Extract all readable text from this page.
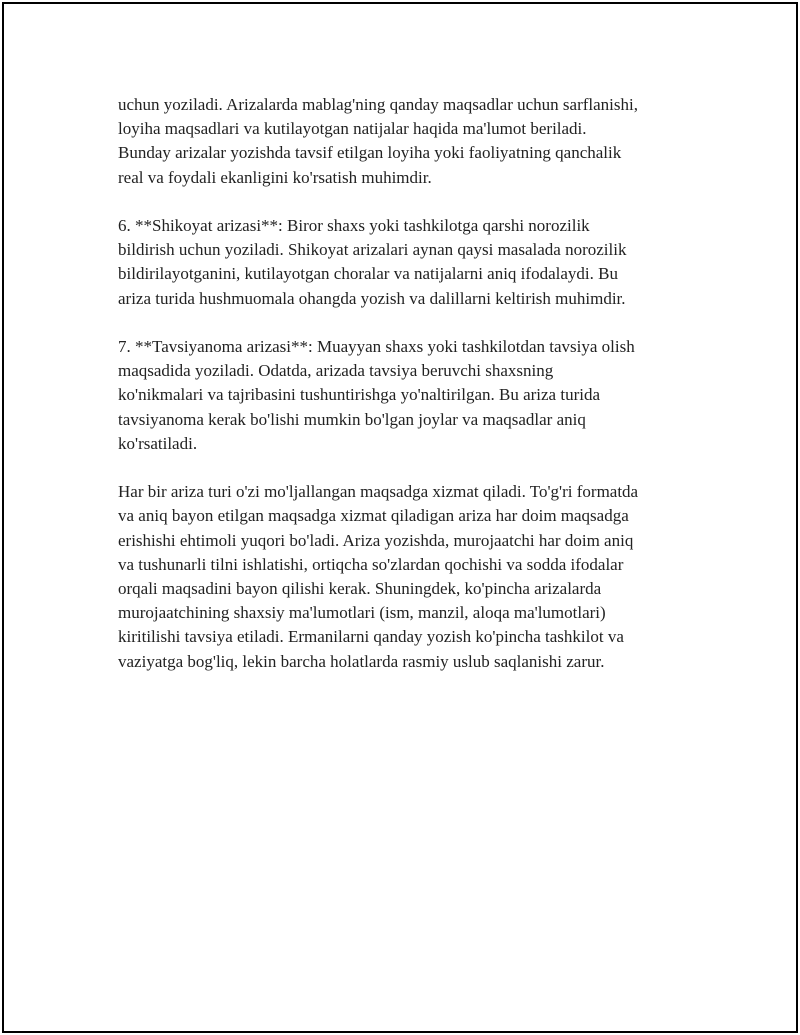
uchun yoziladi. Arizalarda mablag'ning qanday maqsadlar uchun sarflanishi,
loyiha maqsadlari va kutilayotgan natijalar haqida ma'lumot beriladi.
Bunday arizalar yozishda tavsif etilgan loyiha yoki faoliyatning qanchalik
real va foydali ekanligini ko'rsatish muhimdir.

6. **Shikoyat arizasi**: Biror shaxs yoki tashkilotga qarshi norozilik
bildirish uchun yoziladi. Shikoyat arizalari aynan qaysi masalada norozilik
bildirilayotganini, kutilayotgan choralar va natijalarni aniq ifodalaydi. Bu
ariza turida hushmuomala ohangda yozish va dalillarni keltirish muhimdir.

7. **Tavsiyanoma arizasi**: Muayyan shaxs yoki tashkilotdan tavsiya olish
maqsadida yoziladi. Odatda, arizada tavsiya beruvchi shaxsning
ko'nikmalari va tajribasini tushuntirishga yo'naltirilgan. Bu ariza turida
tavsiyanoma kerak bo'lishi mumkin bo'lgan joylar va maqsadlar aniq
ko'rsatiladi.

Har bir ariza turi o'zi mo'ljallangan maqsadga xizmat qiladi. To'g'ri formatda
va aniq bayon etilgan maqsadga xizmat qiladigan ariza har doim maqsadga
erishishi ehtimoli yuqori bo'ladi. Ariza yozishda, murojaatchi har doim aniq
va tushunarli tilni ishlatishi, ortiqcha so'zlardan qochishi va sodda ifodalar
orqali maqsadini bayon qilishi kerak. Shuningdek, ko'pincha arizalarda
murojaatchining shaxsiy ma'lumotlari (ism, manzil, aloqa ma'lumotlari)
kiritilishi tavsiya etiladi. Ermanilarni qanday yozish ko'pincha tashkilot va
vaziyatga bog'liq, lekin barcha holatlarda rasmiy uslub saqlanishi zarur.
